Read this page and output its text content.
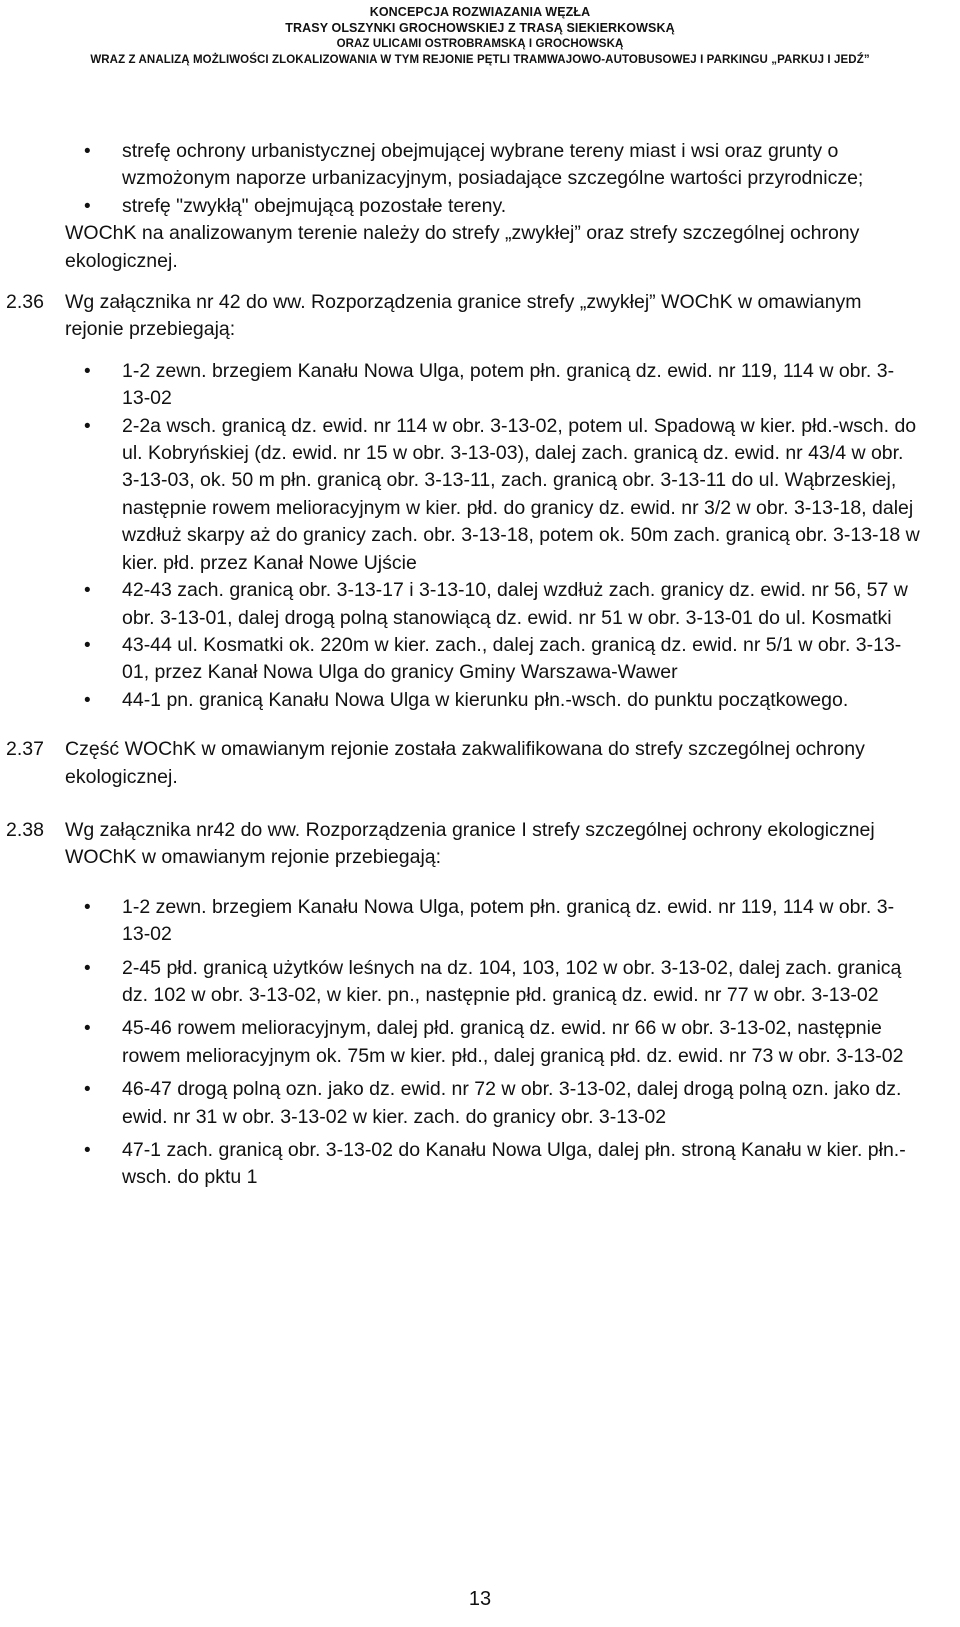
KONCEPCJA ROZWIAZANIA WĘZŁA
TRASY OLSZYNKI GROCHOWSKIEJ Z TRASĄ SIEKIERKOWSKĄ
ORAZ ULICAMI OSTROBRAMSKĄ I GROCHOWSKĄ
WRAZ Z ANALIZĄ MOŻLIWOŚCI ZLOKALIZOWANIA W TYM REJONIE PĘTLI TRAMWAJOWO-AUTOBUSOWEJ I PARKINGU „PARKUJ I JEDŹ”
• strefę ochrony urbanistycznej obejmującej wybrane tereny miast i wsi oraz grunty o wzmożonym naporze urbanizacyjnym, posiadające szczególne wartości przyrodnicze;
• strefę "zwykłą" obejmującą pozostałe tereny.
WOChK na analizowanym terenie należy do strefy „zwykłej” oraz strefy szczególnej ochrony ekologicznej.
2.36 Wg załącznika nr 42 do ww. Rozporządzenia granice strefy „zwykłej” WOChK w omawianym rejonie przebiegają:
• 1-2 zewn. brzegiem Kanału Nowa Ulga, potem płn. granicą dz. ewid. nr 119, 114 w obr. 3-13-02
• 2-2a wsch. granicą dz. ewid. nr 114 w obr. 3-13-02, potem ul. Spadową w kier. płd.-wsch. do ul. Kobryńskiej (dz. ewid. nr 15 w obr. 3-13-03), dalej zach. granicą dz. ewid. nr 43/4 w obr. 3-13-03, ok. 50 m płn. granicą obr. 3-13-11, zach. granicą obr. 3-13-11 do ul. Wąbrzeskiej, następnie rowem melioracyjnym w kier. płd. do granicy dz. ewid. nr 3/2 w obr. 3-13-18, dalej wzdłuż skarpy aż do granicy zach. obr. 3-13-18, potem ok. 50m zach. granicą obr. 3-13-18 w kier. płd. przez Kanał Nowe Ujście
• 42-43 zach. granicą obr. 3-13-17 i 3-13-10, dalej wzdłuż zach. granicy dz. ewid. nr 56, 57 w obr. 3-13-01, dalej drogą polną stanowiącą dz. ewid. nr 51 w obr. 3-13-01 do ul. Kosmatki
• 43-44 ul. Kosmatki ok. 220m w kier. zach., dalej zach. granicą dz. ewid. nr 5/1 w obr. 3-13-01, przez Kanał Nowa Ulga do granicy Gminy Warszawa-Wawer
• 44-1 pn. granicą Kanału Nowa Ulga w kierunku płn.-wsch. do punktu początkowego.
2.37 Część WOChK w omawianym rejonie została zakwalifikowana do strefy szczególnej ochrony ekologicznej.
2.38 Wg załącznika nr42 do ww. Rozporządzenia granice I strefy szczególnej ochrony ekologicznej WOChK w omawianym rejonie przebiegają:
• 1-2 zewn. brzegiem Kanału Nowa Ulga, potem płn. granicą dz. ewid. nr 119, 114 w obr. 3-13-02
• 2-45 płd. granicą użytków leśnych na dz. 104, 103, 102 w obr. 3-13-02, dalej zach. granicą dz. 102 w obr. 3-13-02, w kier. pn., następnie płd. granicą dz. ewid. nr 77 w obr. 3-13-02
• 45-46 rowem melioracyjnym, dalej płd. granicą dz. ewid. nr 66 w obr. 3-13-02, następnie rowem melioracyjnym ok. 75m w kier. płd., dalej granicą płd. dz. ewid. nr 73 w obr. 3-13-02
• 46-47 drogą polną ozn. jako dz. ewid. nr 72 w obr. 3-13-02, dalej drogą polną ozn. jako dz. ewid. nr 31 w obr. 3-13-02 w kier. zach. do granicy obr. 3-13-02
• 47-1 zach. granicą obr. 3-13-02 do Kanału Nowa Ulga, dalej płn. stroną Kanału w kier. płn.-wsch. do pktu 1
13
